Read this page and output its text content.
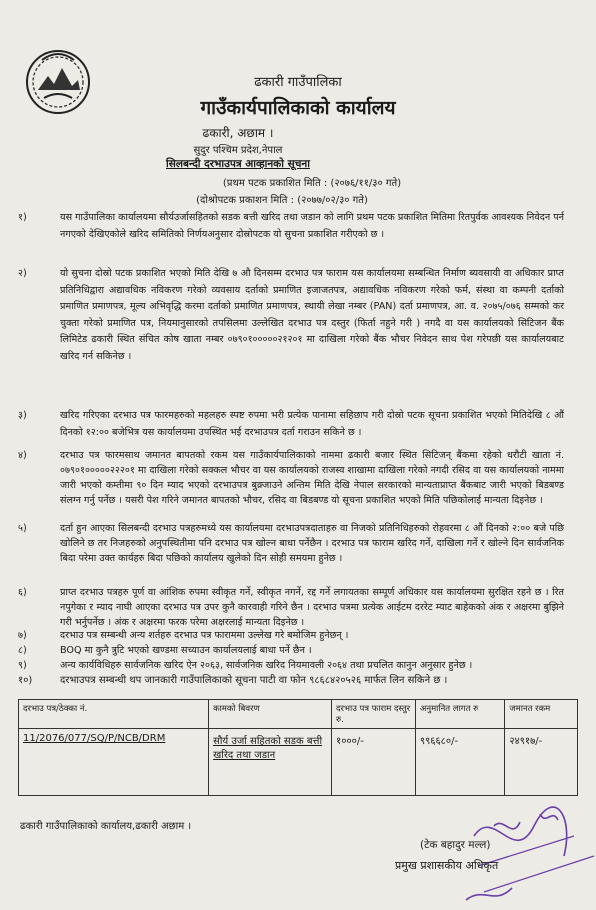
ढकारी गाउँपालिका
गाउँकार्यपालिकाको कार्यालय
ढकारी, अछाम ।
सुदुर पश्चिम प्रदेश,नेपाल
सिलबन्दी दरभाउपत्र आव्हानको सूचना
(प्रथम पटक प्रकाशित मिति : (२०७६/११/३० गते)
(दोश्रोपटक प्रकाशन मिति : (२०७७/०२/३० गते)
१)	यस गाउँपालिका कार्यालयमा सौर्यउर्जासहितको सडक बत्ती खरिद तथा जडान को लागि प्रथम पटक प्रकाशित मितिमा रितपुर्वक आवश्यक निवेदन पर्न नगएको देखिएकोले खरिद समितिको निर्णयअनुसार दोस्रोपटक यो सुचना प्रकाशित गरीएको छ ।
२)	यो सुचना दोस्रो पटक प्रकाशित भएको मिति देखि ७ औ दिनसम्म दरभाउ पत्र फाराम यस कार्यालयमा सम्बन्धित निर्माण ब्यवसायी वा अधिकार प्राप्त प्रतिनिधिद्वारा अद्यावधिक नविकरण गरेको व्यवसाय दर्ताको प्रमाणित इजाजतपत्र, अद्यावधिक नविकरण गरेको फर्म, संस्था वा कम्पनी दर्ताको प्रमाणित प्रमाणपत्र, मूल्य अभिवृद्धि करमा दर्ताको प्रमाणित प्रमाणपत्र, स्थायी लेखा नम्बर (PAN) दर्ता प्रमाणपत्र, आ. व. २०७५/०७६ सम्मको कर चुक्ता गरेको प्रमाणित पत्र, नियमानुसारको तपसिलमा उल्लेखित दरभाउ पत्र दस्तुर (फिर्ता नहुने गरी ) नगदै वा यस कार्यालयको सिटिजन बैंक लिमिटेड ढकारी स्थित संचित कोष खाता नम्बर ०७९०१०००००२१२०१ मा दाखिला गरेको बैंक भौचर निवेदन साथ पेश गरेपछी यस कार्यालयबाट खरिद गर्न सकिनेछ ।
३)	खरिद गरिएका दरभाउ पत्र फारमहरुको महलहरु स्पष्ट रुपमा भरी प्रत्येक पानामा सहिछाप गरी दोस्रो पटक सूचना प्रकाशित भएको मितिदेखि ८ औं दिनको १२:०० बजेभित्र यस कार्यालयमा उपस्थित भई दरभाउपत्र दर्ता गराउन सकिने छ ।
४)	दरभाउ पत्र फारमसाथ जमानत बापतको रकम यस गाउँकार्यपालिकाको नाममा ढकारी बजार स्थित सिटिजन् बैंकमा रहेको धरौटी खाता नं. ०७९०१०००००२२२०१ मा दाखिला गरेको सक्कल भौचर वा यस कार्यालयको राजस्व शाखामा दाखिला गरेको नगदी रसिद वा यस कार्यालयको नाममा जारी भएको कम्तीमा ९० दिन म्याद भएको दरभाउपत्र बुक्र्जाउने अन्तिम मिति देखि नेपाल सरकारको मान्यताप्राप्त बैंकबाट जारी भएको बिडबण्ड संलग्न गर्नु पर्नेछ । यसरी पेश गरिने जमानत बापतको भौचर, रसिद वा बिडबण्ड यो सूचना प्रकाशित भएको मिति पछिकोलाई मान्यता दिइनेछ ।
५)	दर्ता हुन आएका सिलबन्दी दरभाउ पत्रहरुमध्ये यस कार्यालयमा दरभाउपत्रदाताहरु वा निजको प्रतिनिधिहरुको रोहवरमा ८ औं दिनको २:०० बजे पछि खोलिने छ तर निजहरुको अनुपस्थितीमा पनि दरभाउ पत्र खोल्न बाधा पर्नेछैन । दरभाउ पत्र फाराम खरिद गर्ने, दाखिला गर्ने र खोल्ने दिन सार्वजनिक बिदा परेमा उक्त कार्यहरु बिदा पछिको कार्यालय खुलेको दिन सोही समयमा हुनेछ ।
६)	प्राप्त दरभाउ पत्रहरु पूर्ण वा आंशिक रुपमा स्वीकृत गर्ने, स्वीकृत नगर्ने, रद्द गर्ने लगायतका सम्पूर्ण अधिकार यस कार्यालयमा सुरक्षित रहने छ । रित नपुगेका र म्याद नाघी आएका दरभाउ पत्र उपर कुनै कारवाही गरिने छैन । दरभाउ पत्रमा प्रत्येक आईटम दररेट म्याट बाहेकको अंक र अक्षरमा बुझिने गरी भर्नुपर्नेछ । अंक र अक्षरमा फरक परेमा अक्षरलाई मान्यता दिइनेछ ।
७)	दरभाउ पत्र सम्बन्धी अन्य शर्तहरु दरभाउ पत्र फाराममा उल्लेख गरे बमोजिम हुनेछन् ।
८)	BOQ मा कुनै त्रुटि भएको खण्डमा सच्याउन कार्यालयलाई बाधा पर्ने छैन ।
९)	अन्य कार्यविधिहरु सार्वजनिक खरिद ऐन २०६३, सार्वजनिक खरिद नियमावली २०६४ तथा प्रचलित कानुन अनुसार हुनेछ ।
१०)	दरभाउपत्र सम्बन्धी थप जानकारी गाउँपालिकाको सूचना पाटी वा फोन ९८६८४२०५२६ मार्फत लिन सकिने छ ।
दरभाउ पत्र/ठेक्का नं.	कामको बिवरण	दरभाउ पत्र फाराम दस्तुर रु.	अनुमानित लागत रु	जमानत रकम
11/2076/077/SQ/P/NCB/DRM	सौर्य उर्जा सहितको सडक बत्ती खरिद तथा जडान	१०००/-	९९६६८०/-	२४९१७/-
ढकारी गाउँपालिकाको कार्यालय,ढकारी अछाम ।
(टेक बहादुर मल्ल)
प्रमुख प्रशासकीय अधिकृत
